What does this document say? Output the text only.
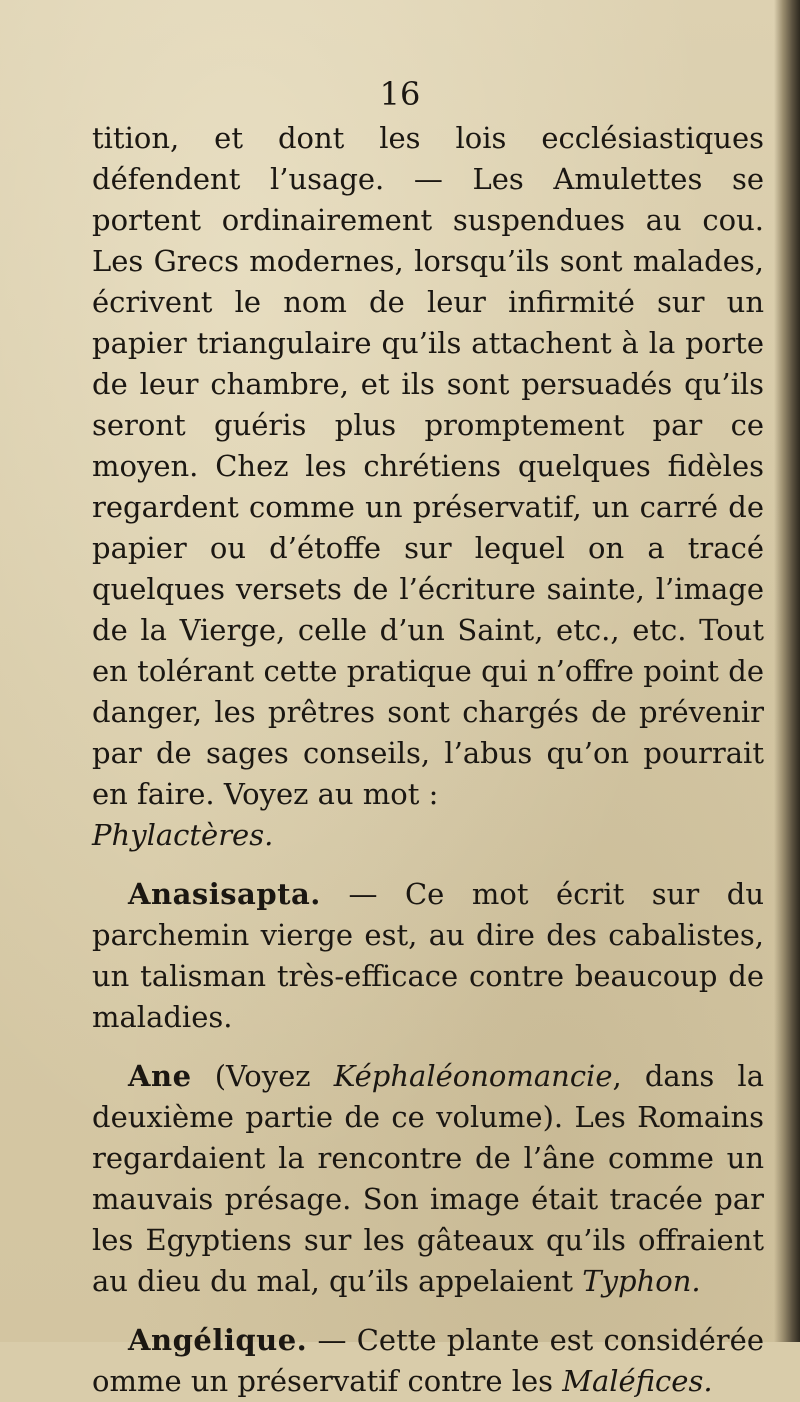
16

tition, et dont les lois ecclésiastiques défendent l’usage. — Les Amulettes se portent ordinairement suspendues au cou. Les Grecs modernes, lorsqu’ils sont malades, écrivent le nom de leur infirmité sur un papier triangulaire qu’ils attachent à la porte de leur chambre, et ils sont persuadés qu’ils seront guéris plus promptement par ce moyen. Chez les chrétiens quelques fidèles regardent comme un préservatif, un carré de papier ou d’étoffe sur lequel on a tracé quelques versets de l’écriture sainte, l’image de la Vierge, celle d’un Saint, etc., etc. Tout en tolérant cette pratique qui n’offre point de danger, les prêtres sont chargés de prévenir par de sages conseils, l’abus qu’on pourrait en faire. Voyez au mot :
Phylactères.

Anasisapta. — Ce mot écrit sur du parchemin vierge est, au dire des cabalistes, un talisman très-efficace contre beaucoup de maladies.

Ane (Voyez Képhaléonomancie, dans la deuxième partie de ce volume). Les Romains regardaient la rencontre de l’âne comme un mauvais présage. Son image était tracée par les Egyptiens sur les gâteaux qu’ils offraient au dieu du mal, qu’ils appelaient Typhon.

Angélique. — Cette plante est considérée omme un préservatif contre les Maléfices.
